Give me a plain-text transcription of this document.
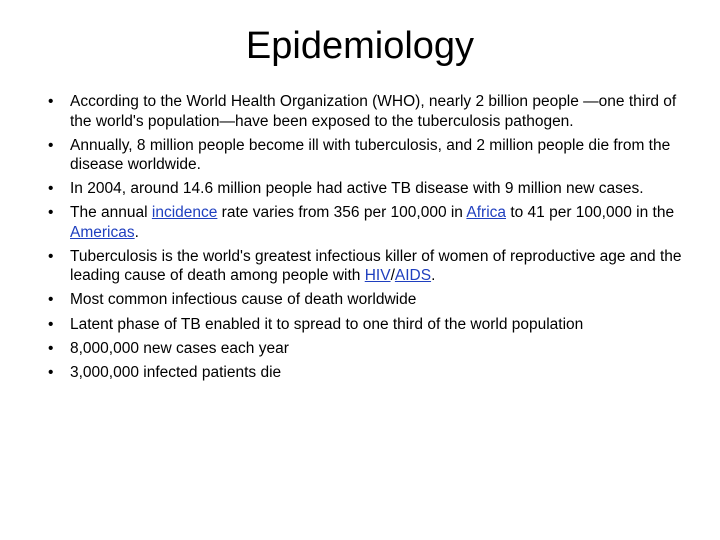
Epidemiology
•	According to the World Health Organization (WHO), nearly 2 billion people —one third of the world's population—have been exposed to the tuberculosis pathogen.
•	Annually, 8 million people become ill with tuberculosis, and 2 million people die from the disease worldwide.
•	In 2004, around 14.6 million people had active TB disease with 9 million new cases.
•	The annual incidence rate varies from 356 per 100,000 in Africa to 41 per 100,000 in the Americas.
•	Tuberculosis is the world's greatest infectious killer of women of reproductive age and the leading cause of death among people with HIV/AIDS.
•	Most common infectious cause of death worldwide
•	Latent phase of TB enabled it to spread to one third of the world population
•	8,000,000 new cases each year
•	3,000,000 infected patients die
